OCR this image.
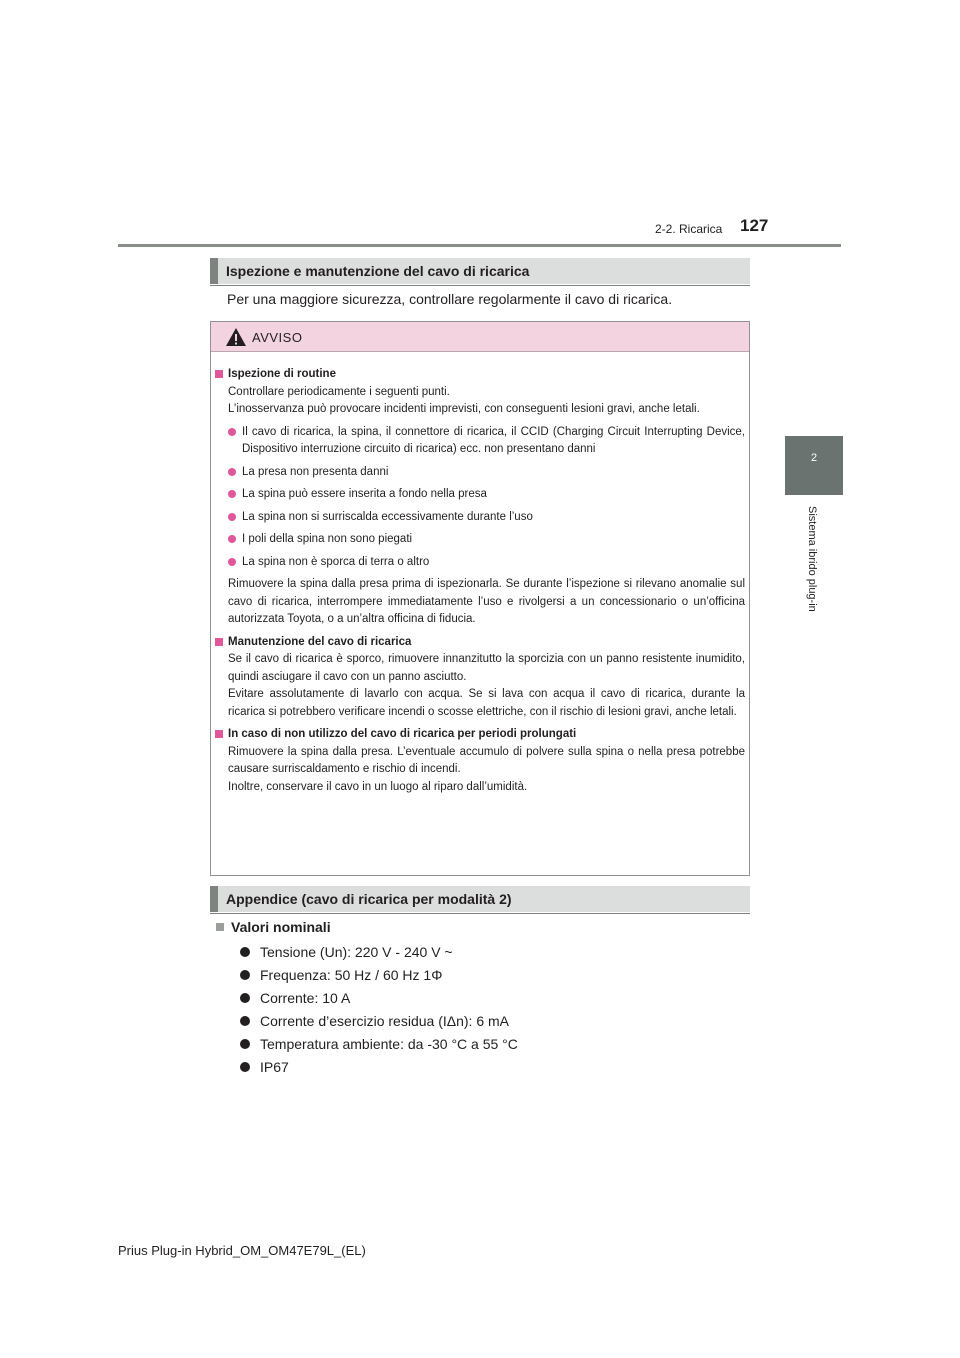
2-2. Ricarica	127
2
Sistema ibrido plug-in
Ispezione e manutenzione del cavo di ricarica
Per una maggiore sicurezza, controllare regolarmente il cavo di ricarica.
AVVISO
Ispezione di routine
Controllare periodicamente i seguenti punti.
L’inosservanza può provocare incidenti imprevisti, con conseguenti lesioni gravi, anche letali.
Il cavo di ricarica, la spina, il connettore di ricarica, il CCID (Charging Circuit Interrupting Device, Dispositivo interruzione circuito di ricarica) ecc. non presentano danni
La presa non presenta danni
La spina può essere inserita a fondo nella presa
La spina non si surriscalda eccessivamente durante l’uso
I poli della spina non sono piegati
La spina non è sporca di terra o altro
Rimuovere la spina dalla presa prima di ispezionarla. Se durante l’ispezione si rilevano anomalie sul cavo di ricarica, interrompere immediatamente l’uso e rivolgersi a un concessionario o un’officina autorizzata Toyota, o a un’altra officina di fiducia.
Manutenzione del cavo di ricarica
Se il cavo di ricarica è sporco, rimuovere innanzitutto la sporcizia con un panno resistente inumidito, quindi asciugare il cavo con un panno asciutto.
Evitare assolutamente di lavarlo con acqua. Se si lava con acqua il cavo di ricarica, durante la ricarica si potrebbero verificare incendi o scosse elettriche, con il rischio di lesioni gravi, anche letali.
In caso di non utilizzo del cavo di ricarica per periodi prolungati
Rimuovere la spina dalla presa. L’eventuale accumulo di polvere sulla spina o nella presa potrebbe causare surriscaldamento e rischio di incendi.
Inoltre, conservare il cavo in un luogo al riparo dall’umidità.
Appendice (cavo di ricarica per modalità 2)
Valori nominali
Tensione (Un): 220 V - 240 V ~
Frequenza: 50 Hz / 60 Hz 1Φ
Corrente: 10 A
Corrente d’esercizio residua (IΔn): 6 mA
Temperatura ambiente: da -30 °C a 55 °C
IP67
Prius Plug-in Hybrid_OM_OM47E79L_(EL)
